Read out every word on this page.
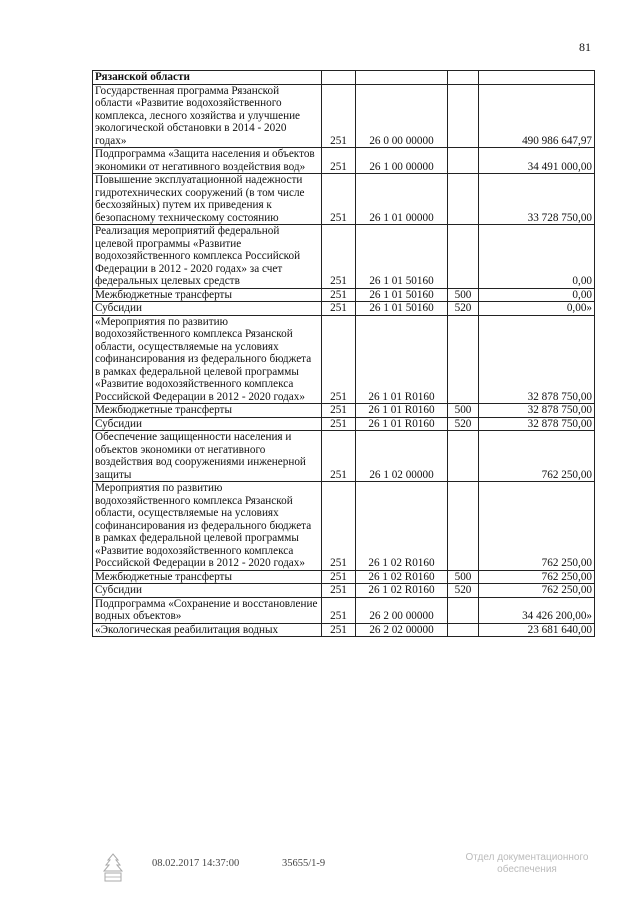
81
Рязанской области				
Государственная программа Рязанской области «Развитие водохозяйственного комплекса, лесного хозяйства и улучшение экологической обстановки в 2014 - 2020 годах»	251	26 0 00 00000		490 986 647,97
Подпрограмма «Защита населения и объектов экономики от негативного воздействия вод»	251	26 1 00 00000		34 491 000,00
Повышение эксплуатационной надежности гидротехнических сооружений (в том числе бесхозяйных) путем их приведения к безопасному техническому состоянию	251	26 1 01 00000		33 728 750,00
Реализация мероприятий федеральной целевой программы «Развитие водохозяйственного комплекса Российской Федерации в 2012 - 2020 годах» за счет федеральных целевых средств	251	26 1 01 50160		0,00
Межбюджетные трансферты	251	26 1 01 50160	500	0,00
Субсидии	251	26 1 01 50160	520	0,00»
«Мероприятия по развитию водохозяйственного комплекса Рязанской области, осуществляемые на условиях софинансирования из федерального бюджета в рамках федеральной целевой программы «Развитие водохозяйственного комплекса Российской Федерации в 2012 - 2020 годах»	251	26 1 01 R0160		32 878 750,00
Межбюджетные трансферты	251	26 1 01 R0160	500	32 878 750,00
Субсидии	251	26 1 01 R0160	520	32 878 750,00
Обеспечение защищенности населения и объектов экономики от негативного воздействия вод сооружениями инженерной защиты	251	26 1 02 00000		762 250,00
Мероприятия по развитию водохозяйственного комплекса Рязанской области, осуществляемые на условиях софинансирования из федерального бюджета в рамках федеральной целевой программы «Развитие водохозяйственного комплекса Российской Федерации в 2012 - 2020 годах»	251	26 1 02 R0160		762 250,00
Межбюджетные трансферты	251	26 1 02 R0160	500	762 250,00
Субсидии	251	26 1 02 R0160	520	762 250,00
Подпрограмма «Сохранение и восстановление водных объектов»	251	26 2 00 00000		34 426 200,00»
«Экологическая реабилитация водных	251	26 2 02 00000		23 681 640,00
08.02.2017 14:37:00	35655/1-9
Отдел документационного обеспечения
